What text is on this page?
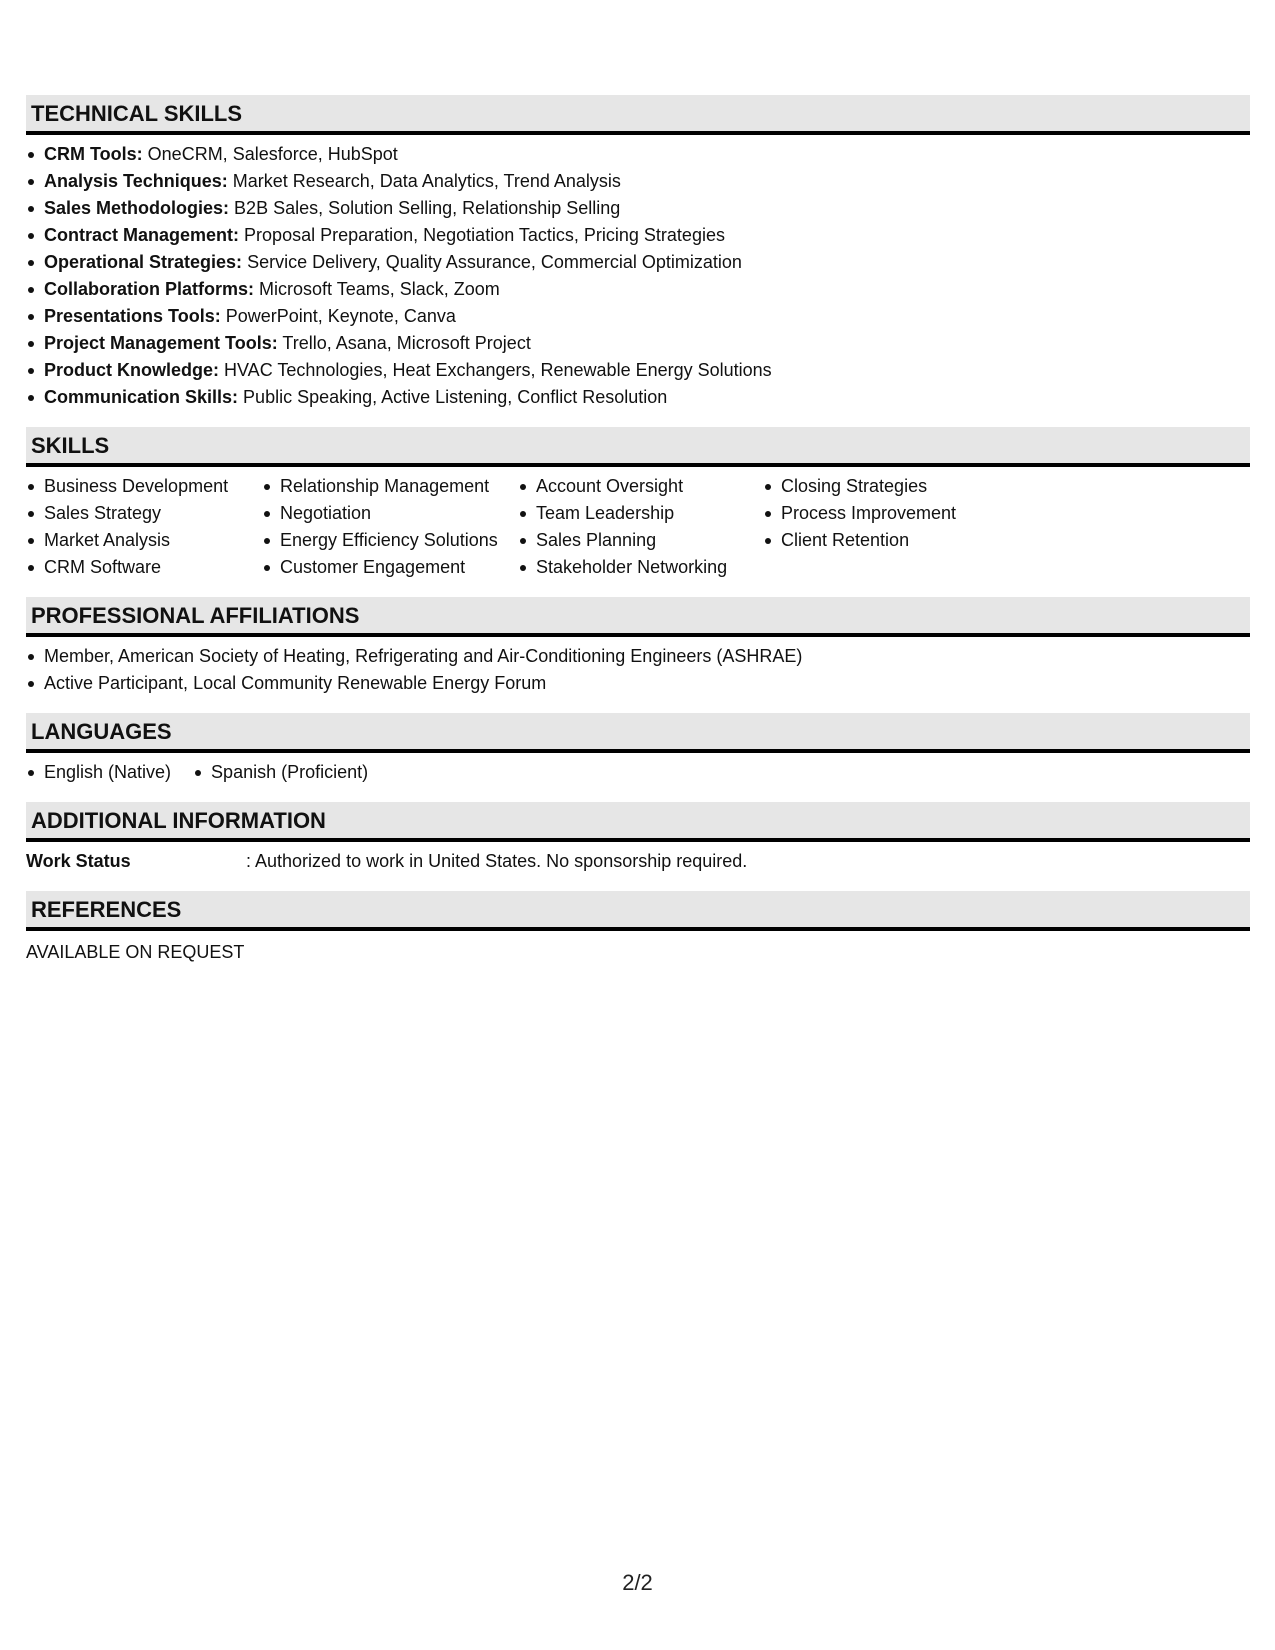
TECHNICAL SKILLS
CRM Tools: OneCRM, Salesforce, HubSpot
Analysis Techniques: Market Research, Data Analytics, Trend Analysis
Sales Methodologies: B2B Sales, Solution Selling, Relationship Selling
Contract Management: Proposal Preparation, Negotiation Tactics, Pricing Strategies
Operational Strategies: Service Delivery, Quality Assurance, Commercial Optimization
Collaboration Platforms: Microsoft Teams, Slack, Zoom
Presentations Tools: PowerPoint, Keynote, Canva
Project Management Tools: Trello, Asana, Microsoft Project
Product Knowledge: HVAC Technologies, Heat Exchangers, Renewable Energy Solutions
Communication Skills: Public Speaking, Active Listening, Conflict Resolution
SKILLS
Business Development
Sales Strategy
Market Analysis
CRM Software
Relationship Management
Negotiation
Energy Efficiency Solutions
Customer Engagement
Account Oversight
Team Leadership
Sales Planning
Stakeholder Networking
Closing Strategies
Process Improvement
Client Retention
PROFESSIONAL AFFILIATIONS
Member, American Society of Heating, Refrigerating and Air-Conditioning Engineers (ASHRAE)
Active Participant, Local Community Renewable Energy Forum
LANGUAGES
English (Native)	Spanish (Proficient)
ADDITIONAL INFORMATION
Work Status	: Authorized to work in United States. No sponsorship required.
REFERENCES
AVAILABLE ON REQUEST
2/2
